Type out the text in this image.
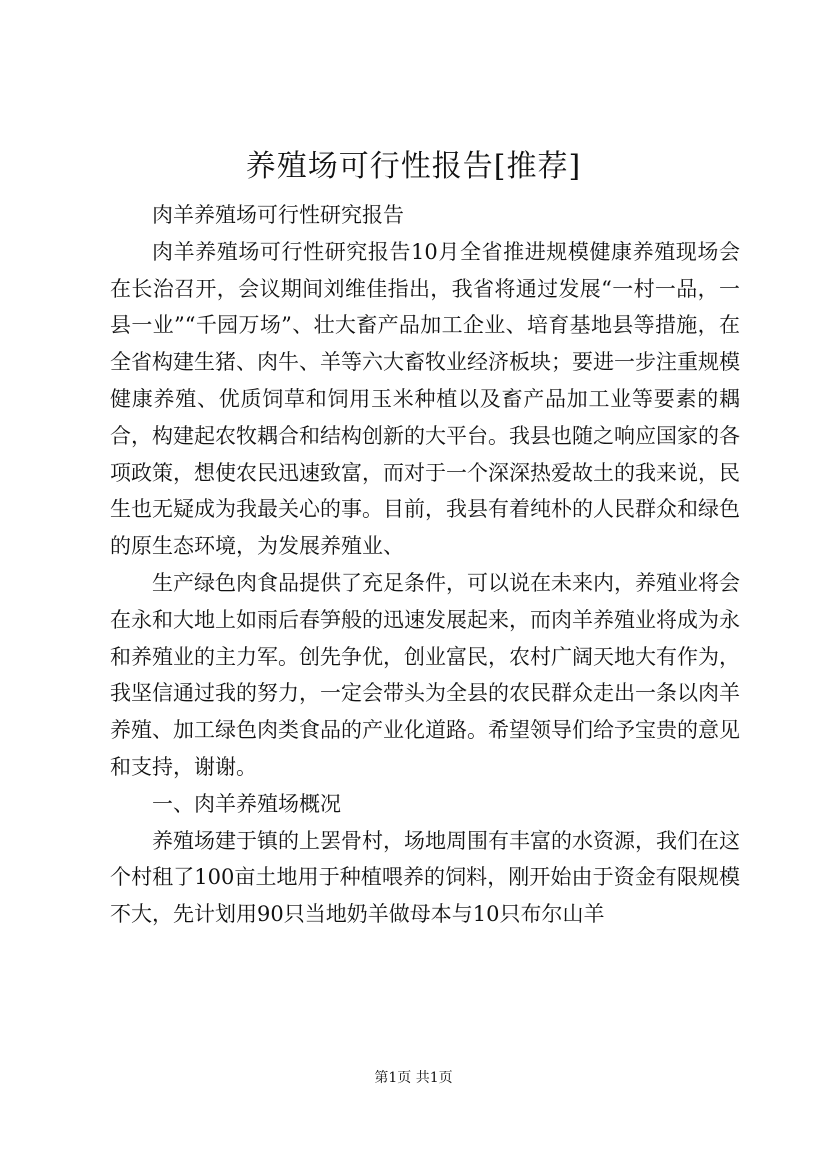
养殖场可行性报告[推荐]

肉羊养殖场可行性研究报告

肉羊养殖场可行性研究报告10月全省推进规模健康养殖现场会在长治召开，会议期间刘维佳指出，我省将通过发展“一村一品，一县一业”“千园万场”、壮大畜产品加工企业、培育基地县等措施，在全省构建生猪、肉牛、羊等六大畜牧业经济板块；要进一步注重规模健康养殖、优质饲草和饲用玉米种植以及畜产品加工业等要素的耦合，构建起农牧耦合和结构创新的大平台。我县也随之响应国家的各项政策，想使农民迅速致富，而对于一个深深热爱故土的我来说，民生也无疑成为我最关心的事。目前，我县有着纯朴的人民群众和绿色的原生态环境，为发展养殖业、

生产绿色肉食品提供了充足条件，可以说在未来内，养殖业将会在永和大地上如雨后春笋般的迅速发展起来，而肉羊养殖业将成为永和养殖业的主力军。创先争优，创业富民，农村广阔天地大有作为，我坚信通过我的努力，一定会带头为全县的农民群众走出一条以肉羊养殖、加工绿色肉类食品的产业化道路。希望领导们给予宝贵的意见和支持，谢谢。

一、肉羊养殖场概况

养殖场建于镇的上罢骨村，场地周围有丰富的水资源，我们在这个村租了100亩土地用于种植喂养的饲料，刚开始由于资金有限规模不大，先计划用90只当地奶羊做母本与10只布尔山羊

第1页 共1页
